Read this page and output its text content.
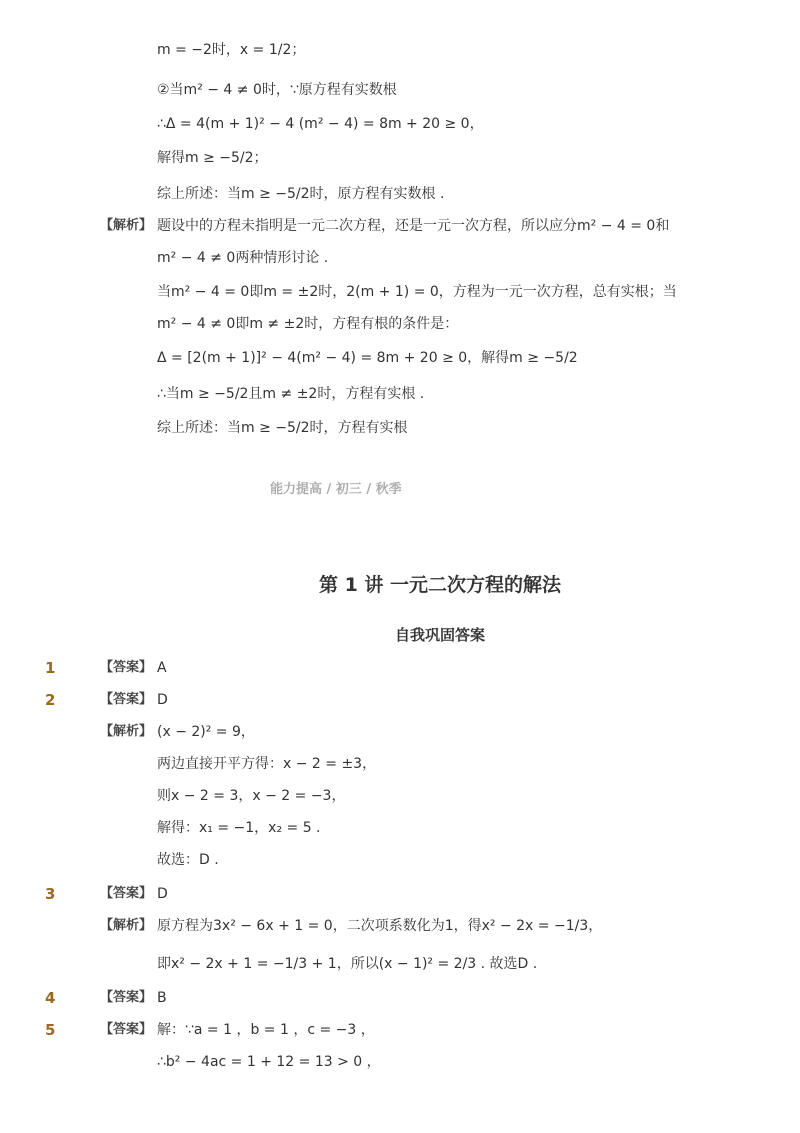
m = −2时，x = 1/2；
②当m² − 4 ≠ 0时，∵原方程有实数根
∴Δ = 4(m + 1)² − 4 (m² − 4) = 8m + 20 ≥ 0，
解得m ≥ −5/2；
综上所述：当m ≥ −5/2时，原方程有实数根 .
【解析】 题设中的方程未指明是一元二次方程，还是一元一次方程，所以应分m² − 4 = 0和
m² − 4 ≠ 0两种情形讨论 .
当m² − 4 = 0即m = ±2时，2(m + 1) = 0，方程为一元一次方程，总有实根；当
m² − 4 ≠ 0即m ≠ ±2时，方程有根的条件是：
Δ = [2(m + 1)]² − 4(m² − 4) = 8m + 20 ≥ 0，解得m ≥ −5/2
∴当m ≥ −5/2且m ≠ ±2时，方程有实根 .
综上所述：当m ≥ −5/2时，方程有实根
能力提高 / 初三 / 秋季
第 1 讲 一元二次方程的解法
自我巩固答案
1	【答案】 A
2	【答案】 D
【解析】 (x − 2)² = 9，
两边直接开平方得：x − 2 = ±3，
则x − 2 = 3，x − 2 = −3，
解得：x₁ = −1，x₂ = 5 .
故选：D .
3	【答案】 D
【解析】 原方程为3x² − 6x + 1 = 0，二次项系数化为1，得x² − 2x = −1/3，
即x² − 2x + 1 = −1/3 + 1，所以(x − 1)² = 2/3 . 故选D .
4	【答案】 B
5	【答案】 解：∵a = 1 ，b = 1 ，c = −3 ，
∴b² − 4ac = 1 + 12 = 13 > 0 ，
